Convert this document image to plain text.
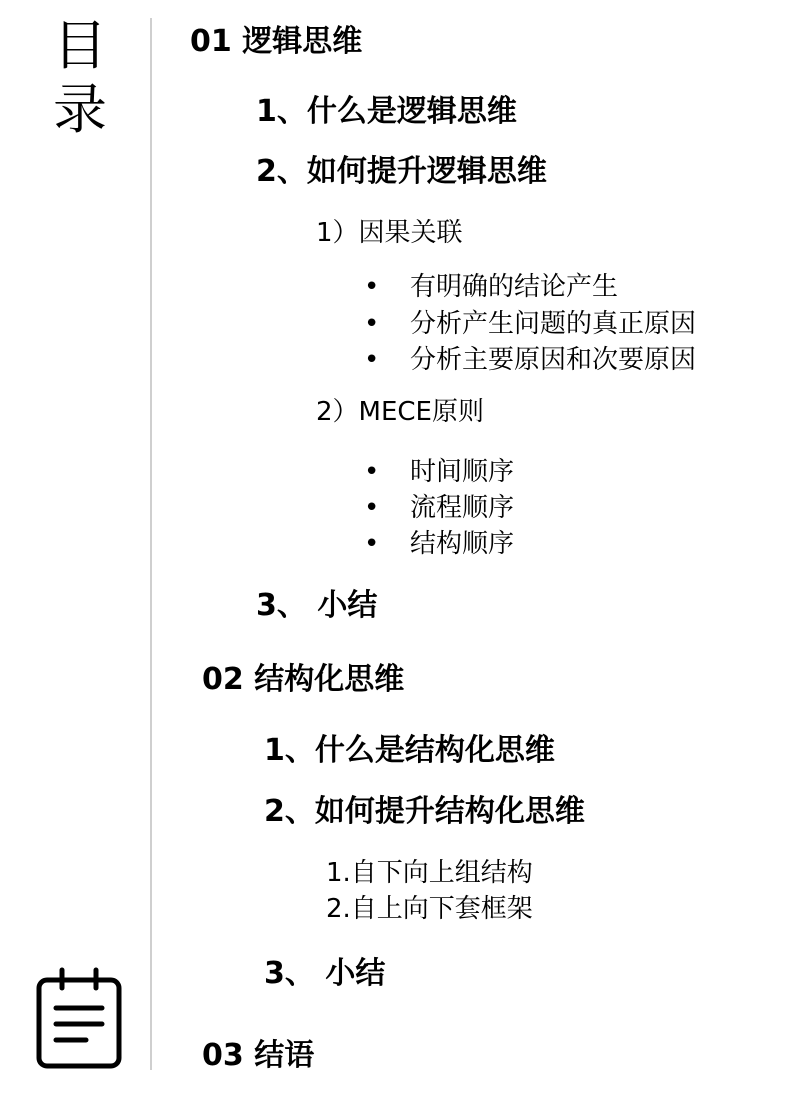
目
录
01 逻辑思维
1、什么是逻辑思维
2、如何提升逻辑思维
1）因果关联
• 有明确的结论产生
• 分析产生问题的真正原因
• 分析主要原因和次要原因
2）MECE原则
• 时间顺序
• 流程顺序
• 结构顺序
3、 小结
02 结构化思维
1、什么是结构化思维
2、如何提升结构化思维
1.自下向上组结构
2.自上向下套框架
3、 小结
03 结语
